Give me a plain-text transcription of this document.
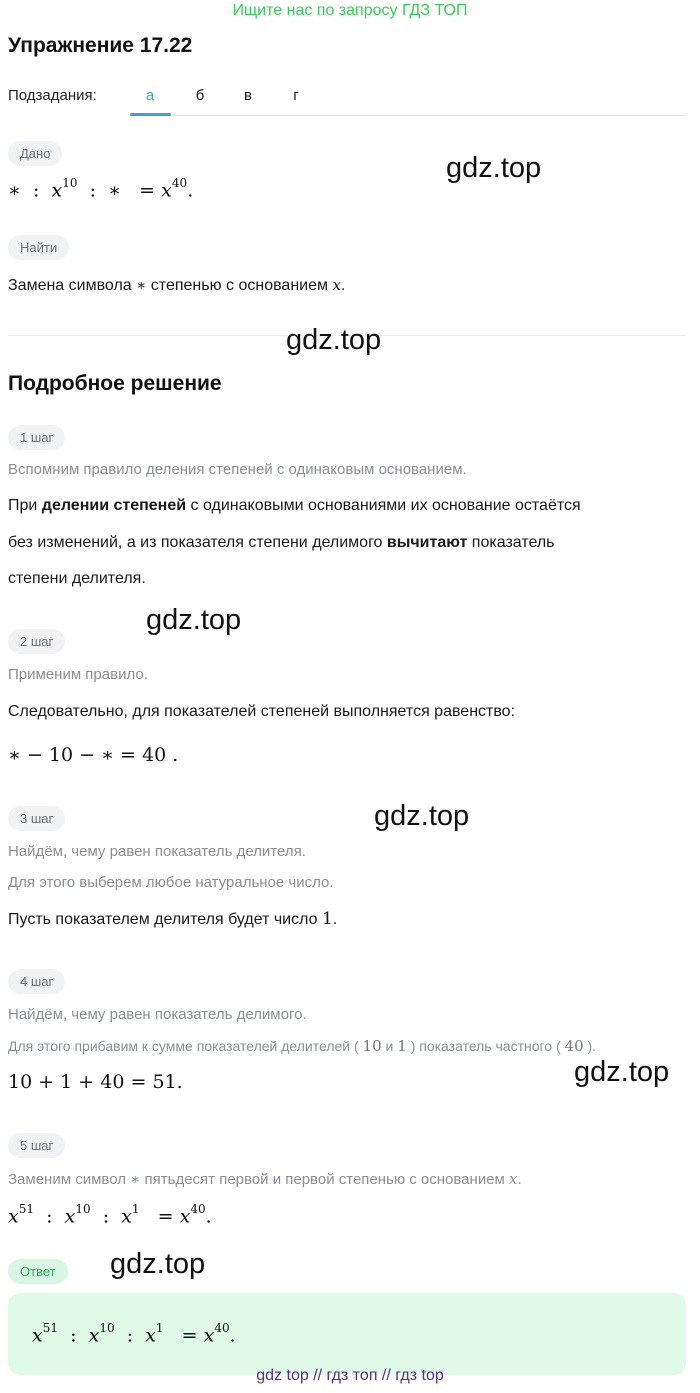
Ищите нас по запросу ГДЗ ТОП
Упражнение 17.22
Подзадания:	а	б	в	г
Дано
∗ : $x^{10}$ : ∗ = $x^{40}$.
Найти
Замена символа ∗ степенью с основанием x.
Подробное решение
1 шаг
Вспомним правило деления степеней с одинаковым основанием.
При делении степеней с одинаковыми основаниями их основание остаётся
без изменений, а из показателя степени делимого вычитают показатель
степени делителя.
2 шаг
Применим правило.
Следовательно, для показателей степеней выполняется равенство:
∗ − 10 − ∗ = 40 .
3 шаг
Найдём, чему равен показатель делителя.
Для этого выберем любое натуральное число.
Пусть показателем делителя будет число 1.
4 шаг
Найдём, чему равен показатель делимого.
Для этого прибавим к сумме показателей делителей ( 10 и 1 ) показатель частного ( 40 ).
10 + 1 + 40 = 51.
5 шаг
Заменим символ ∗ пятьдесят первой и первой степенью с основанием x.
$x^{51}$ : $x^{10}$ : $x^1 = x^{40}$.
Ответ
$x^{51}$ : $x^{10}$ : $x^1 = x^{40}$.
gdz.top
gdz.top
gdz.top
gdz.top
gdz.top
gdz.top
gdz top // гдз топ // гдз top
